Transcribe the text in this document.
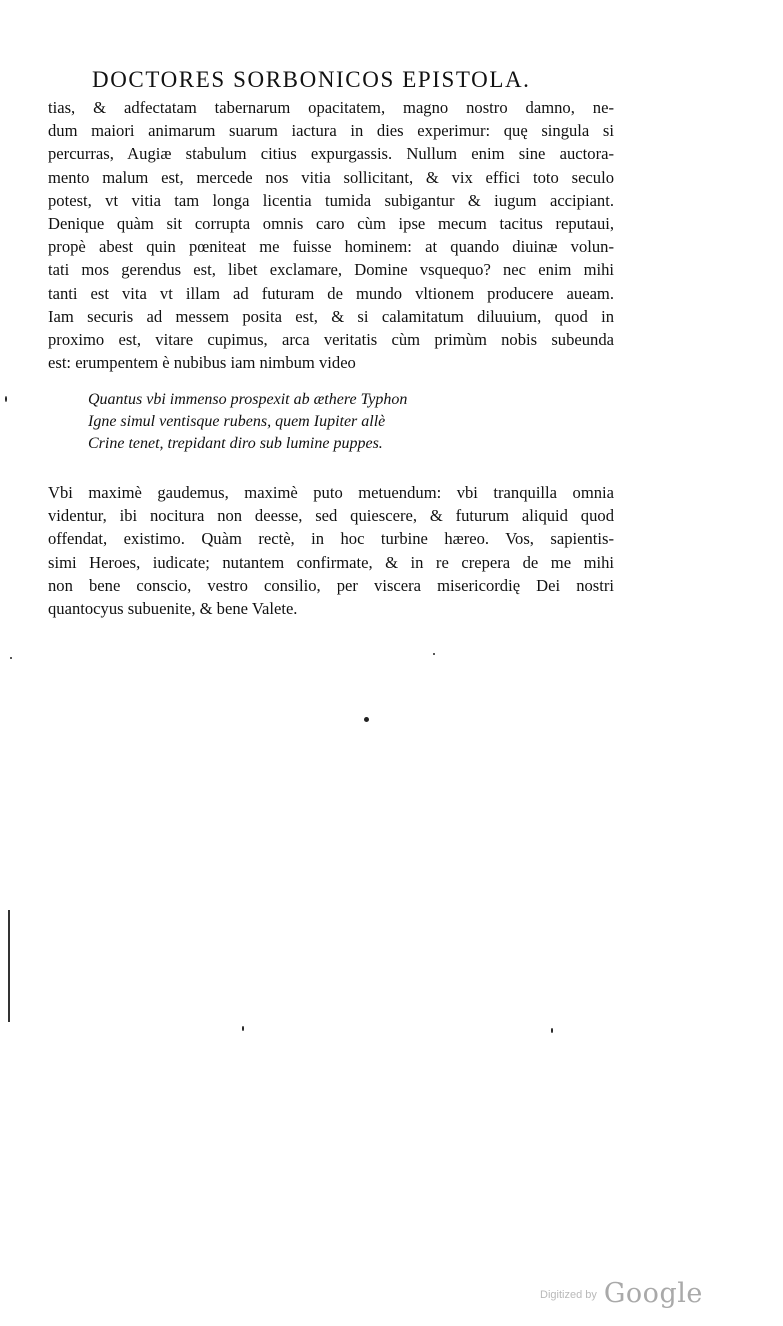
DOCTORES SORBONICOS EPISTOLA.
tias, & adfectatam tabernarum opacitatem, magno nostro damno, ne-
dum maiori animarum suarum iactura in dies experimur: quę singula si
percurras, Augiæ stabulum citius expurgassis. Nullum enim sine auctora-
mento malum est, mercede nos vitia sollicitant, & vix effici toto seculo
potest, vt vitia tam longa licentia tumida subigantur & iugum accipiant.
Denique quàm sit corrupta omnis caro cùm ipse mecum tacitus reputaui,
propè abest quin pœniteat me fuisse hominem: at quando diuinæ volun-
tati mos gerendus est, libet exclamare, Domine vsquequo? nec enim mihi
tanti est vita vt illam ad futuram de mundo vltionem producere aueam.
Iam securis ad messem posita est, & si calamitatum diluuium, quod in
proximo est, vitare cupimus, arca veritatis cùm primùm nobis subeunda
est: erumpentem è nubibus iam nimbum video
Quantus vbi immenso prospexit ab æthere Typhon
Igne simul ventisque rubens, quem Iupiter allè
Crine tenet, trepidant diro sub lumine puppes.
Vbi maximè gaudemus, maximè puto metuendum: vbi tranquilla omnia
videntur, ibi nocitura non deesse, sed quiescere, & futurum aliquid quod
offendat, existimo. Quàm rectè, in hoc turbine hæreo. Vos, sapientis-
simi Heroes, iudicate; nutantem confirmate, & in re crepera de me mihi
non bene conscio, vestro consilio, per viscera misericordię Dei nostri
quantocyus subuenite, & bene Valete.
$^{Digitized by}$ Google
